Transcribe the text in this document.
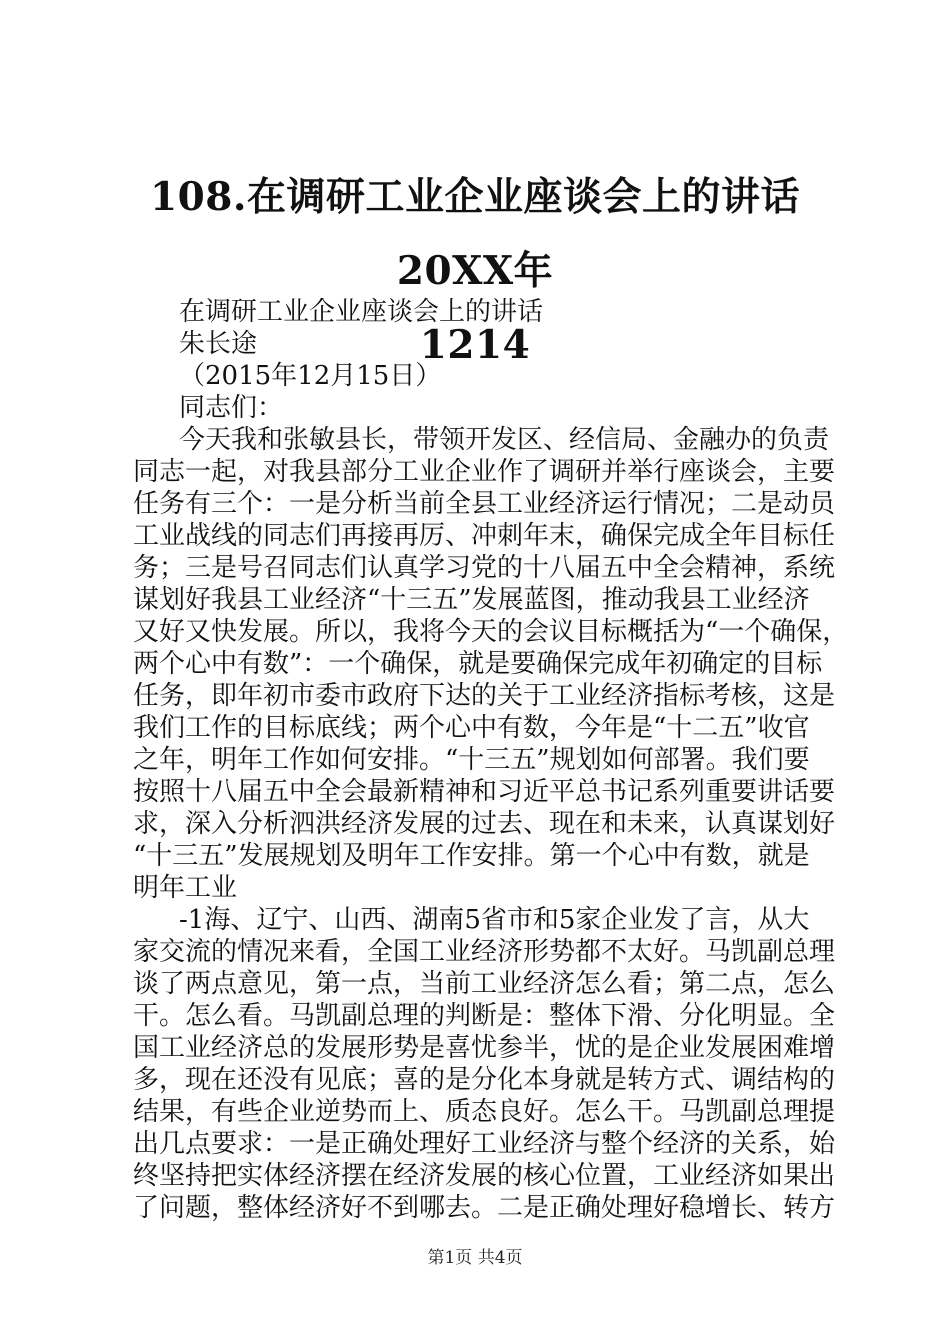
108.在调研工业企业座谈会上的讲话20XX年
1214
在调研工业企业座谈会上的讲话
朱长途
（2015年12月15日）
同志们：
今天我和张敏县长，带领开发区、经信局、金融办的负责
同志一起，对我县部分工业企业作了调研并举行座谈会，主要
任务有三个：一是分析当前全县工业经济运行情况；二是动员
工业战线的同志们再接再厉、冲刺年末，确保完成全年目标任
务；三是号召同志们认真学习党的十八届五中全会精神，系统
谋划好我县工业经济“十三五”发展蓝图，推动我县工业经济
又好又快发展。所以，我将今天的会议目标概括为“一个确保，
两个心中有数”：一个确保，就是要确保完成年初确定的目标
任务，即年初市委市政府下达的关于工业经济指标考核，这是
我们工作的目标底线；两个心中有数，今年是“十二五”收官
之年，明年工作如何安排。“十三五”规划如何部署。我们要
按照十八届五中全会最新精神和习近平总书记系列重要讲话要
求，深入分析泗洪经济发展的过去、现在和未来，认真谋划好
“十三五”发展规划及明年工作安排。第一个心中有数，就是
明年工业
-1海、辽宁、山西、湖南5省市和5家企业发了言，从大
家交流的情况来看，全国工业经济形势都不太好。马凯副总理
谈了两点意见，第一点，当前工业经济怎么看；第二点，怎么
干。怎么看。马凯副总理的判断是：整体下滑、分化明显。全
国工业经济总的发展形势是喜忧参半，忧的是企业发展困难增
多，现在还没有见底；喜的是分化本身就是转方式、调结构的
结果，有些企业逆势而上、质态良好。怎么干。马凯副总理提
出几点要求：一是正确处理好工业经济与整个经济的关系，始
终坚持把实体经济摆在经济发展的核心位置，工业经济如果出
了问题，整体经济好不到哪去。二是正确处理好稳增长、转方
第1页 共4页
